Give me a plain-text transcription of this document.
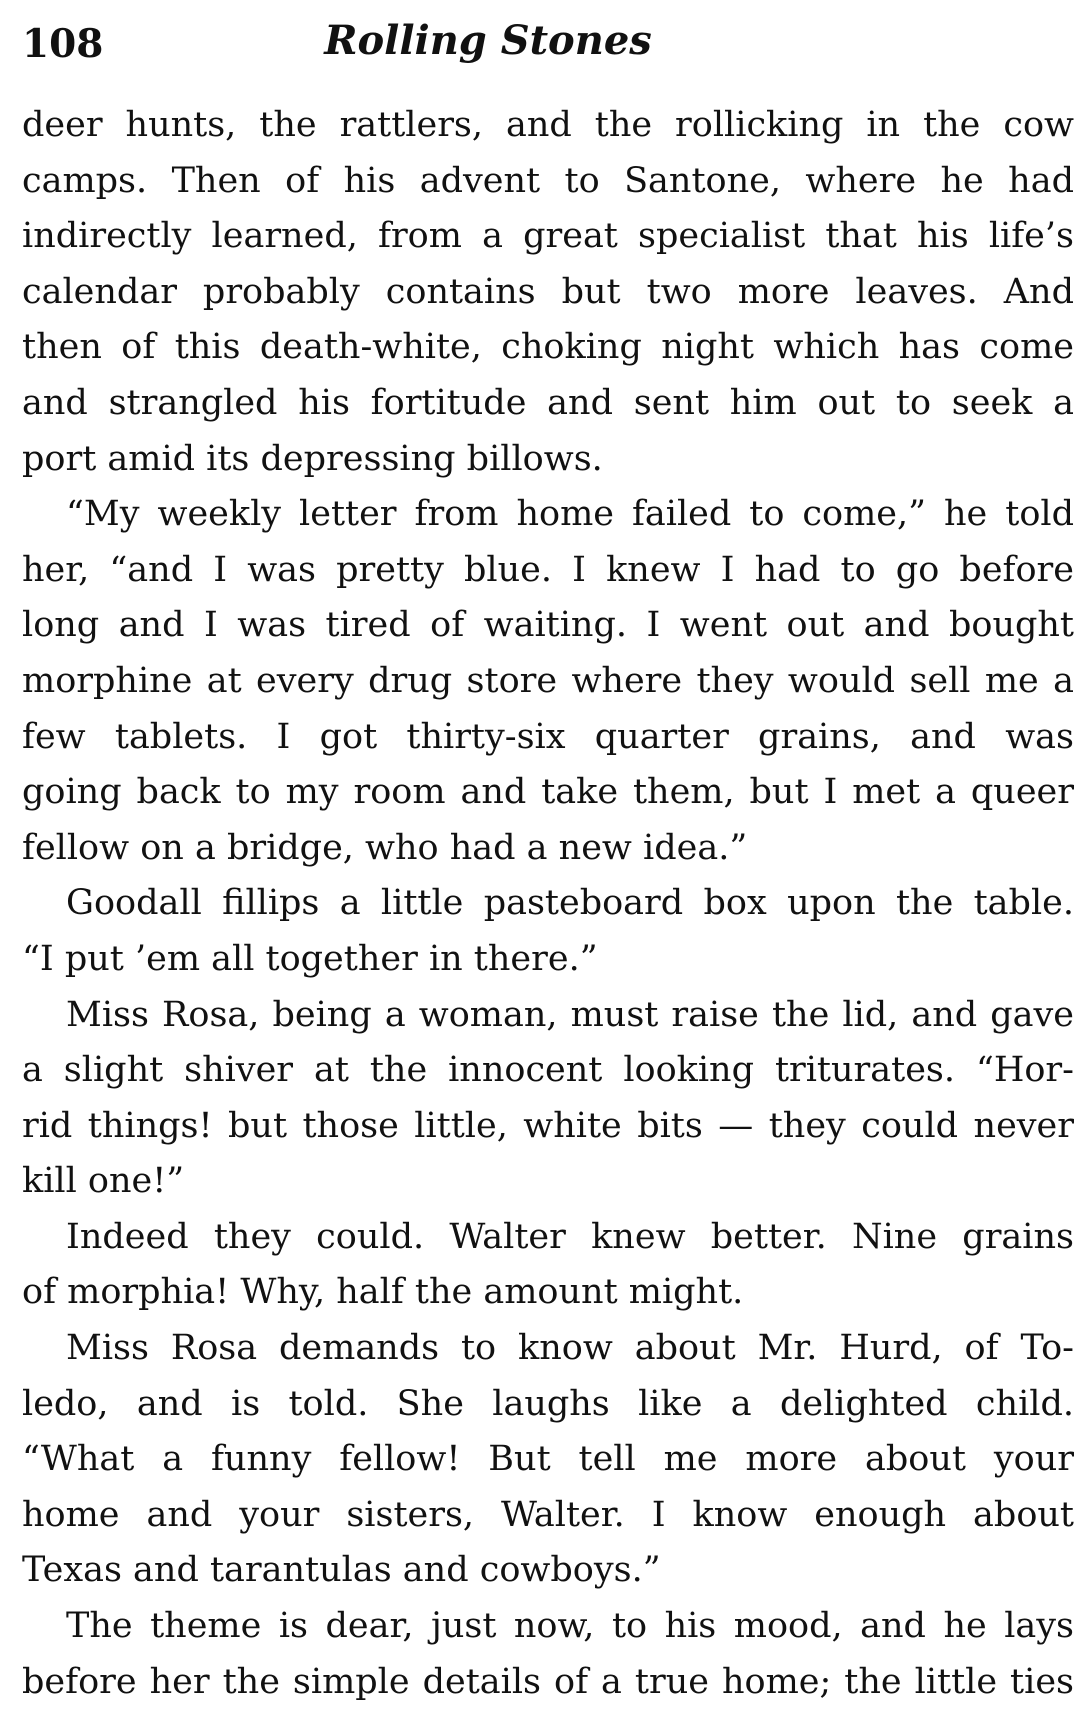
108	Rolling Stones
deer hunts, the rattlers, and the rollicking in the cow
camps. Then of his advent to Santone, where he had
indirectly learned, from a great specialist that his life’s
calendar probably contains but two more leaves. And
then of this death-white, choking night which has come
and strangled his fortitude and sent him out to seek a
port amid its depressing billows.
“My weekly letter from home failed to come,” he told
her, “and I was pretty blue. I knew I had to go before
long and I was tired of waiting. I went out and bought
morphine at every drug store where they would sell me a
few tablets. I got thirty-six quarter grains, and was
going back to my room and take them, but I met a queer
fellow on a bridge, who had a new idea.”
Goodall fillips a little pasteboard box upon the table.
“I put ’em all together in there.”
Miss Rosa, being a woman, must raise the lid, and gave
a slight shiver at the innocent looking triturates. “Hor-
rid things! but those little, white bits — they could never
kill one!”
Indeed they could. Walter knew better. Nine grains
of morphia! Why, half the amount might.
Miss Rosa demands to know about Mr. Hurd, of To-
ledo, and is told. She laughs like a delighted child.
“What a funny fellow! But tell me more about your
home and your sisters, Walter. I know enough about
Texas and tarantulas and cowboys.”
The theme is dear, just now, to his mood, and he lays
before her the simple details of a true home; the little ties
